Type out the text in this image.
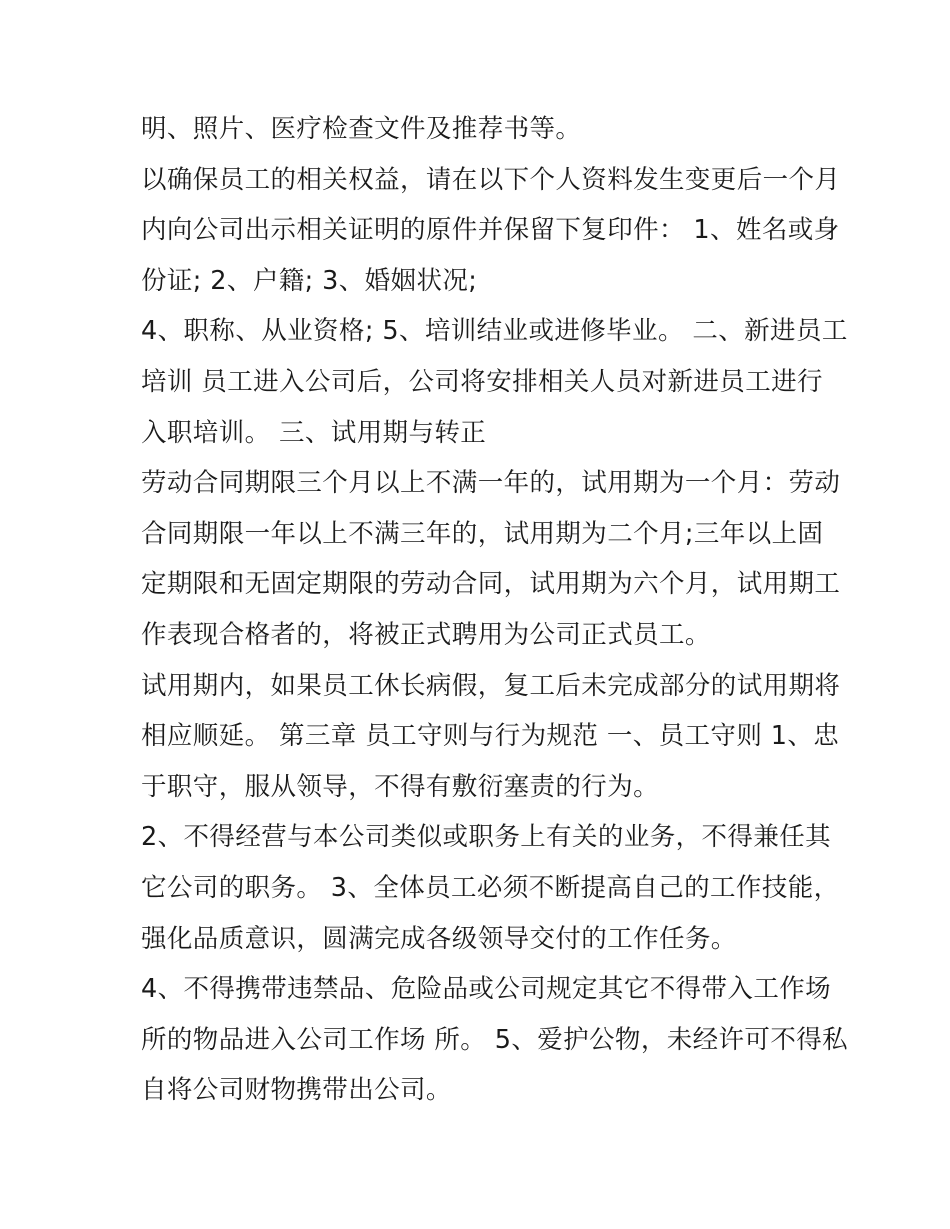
明、照片、医疗检查文件及推荐书等。
以确保员工的相关权益，请在以下个人资料发生变更后一个月
内向公司出示相关证明的原件并保留下复印件： 1、姓名或身
份证; 2、户籍; 3、婚姻状况;
4、职称、从业资格; 5、培训结业或进修毕业。 二、新进员工
培训 员工进入公司后，公司将安排相关人员对新进员工进行
入职培训。 三、试用期与转正
劳动合同期限三个月以上不满一年的，试用期为一个月：劳动
合同期限一年以上不满三年的，试用期为二个月;三年以上固
定期限和无固定期限的劳动合同，试用期为六个月，试用期工
作表现合格者的，将被正式聘用为公司正式员工。
试用期内，如果员工休长病假，复工后未完成部分的试用期将
相应顺延。 第三章 员工守则与行为规范 一、员工守则 1、忠
于职守，服从领导，不得有敷衍塞责的行为。
2、不得经营与本公司类似或职务上有关的业务，不得兼任其
它公司的职务。 3、全体员工必须不断提高自己的工作技能，
强化品质意识，圆满完成各级领导交付的工作任务。
4、不得携带违禁品、危险品或公司规定其它不得带入工作场
所的物品进入公司工作场 所。 5、爱护公物，未经许可不得私
自将公司财物携带出公司。
